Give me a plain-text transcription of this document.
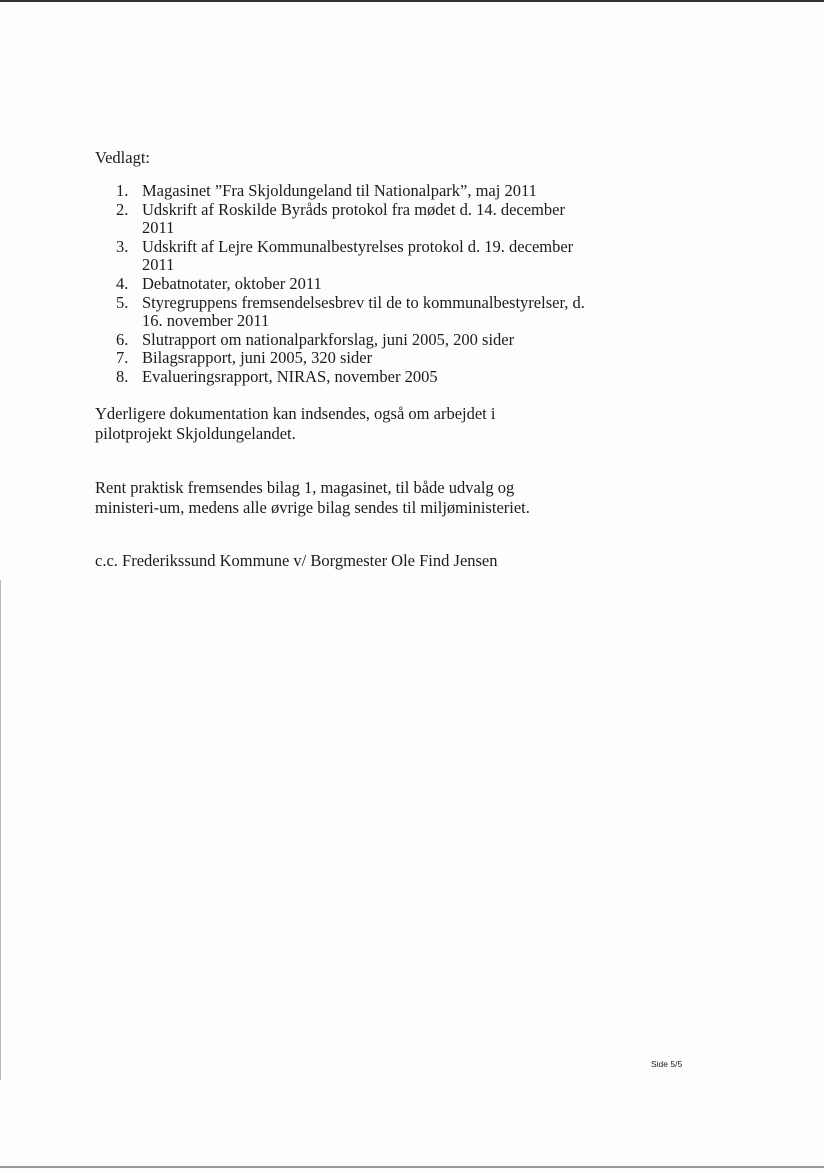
Vedlagt:
1. Magasinet ”Fra Skjoldungeland til Nationalpark”, maj 2011
2. Udskrift af Roskilde Byråds protokol fra mødet d. 14. december 2011
3. Udskrift af Lejre Kommunalbestyrelses protokol d. 19. december 2011
4. Debatnotater, oktober 2011
5. Styregruppens fremsendelsesbrev til de to kommunalbestyrelser, d. 16. november 2011
6. Slutrapport om nationalparkforslag, juni 2005, 200 sider
7. Bilagsrapport, juni 2005, 320 sider
8. Evalueringsrapport, NIRAS, november 2005

Yderligere dokumentation kan indsendes, også om arbejdet i pilotprojekt Skjoldungelandet.

Rent praktisk fremsendes bilag 1, magasinet, til både udvalg og ministeri-um, medens alle øvrige bilag sendes til miljøministeriet.

c.c. Frederikssund Kommune v/ Borgmester Ole Find Jensen

Side 5/5
